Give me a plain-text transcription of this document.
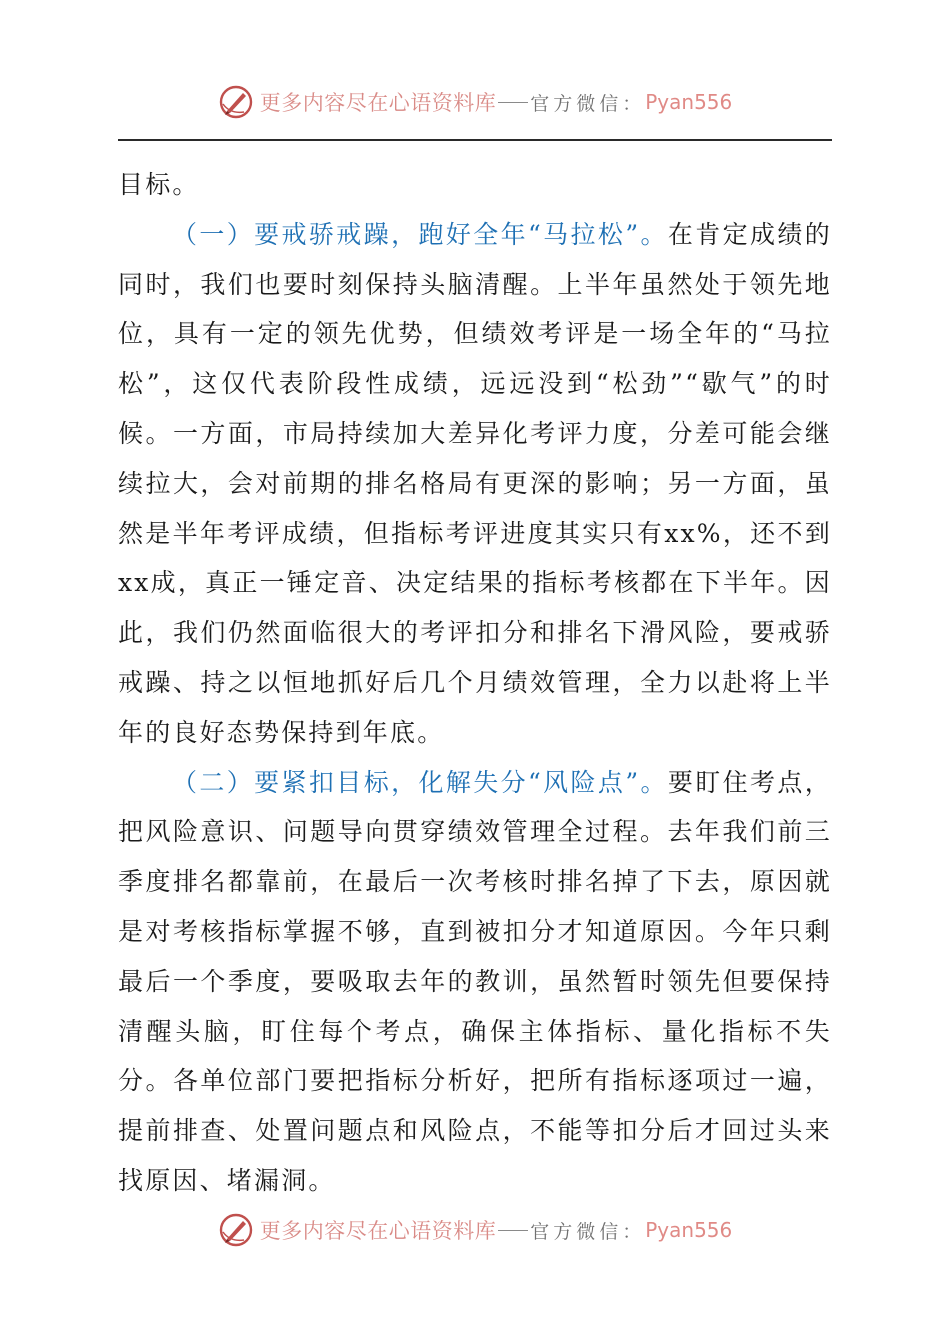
更多内容尽在心语资料库 官方微信： Pyan556

目标。

（一）要戒骄戒躁，跑好全年“马拉松”。在肯定成绩的同时，我们也要时刻保持头脑清醒。上半年虽然处于领先地位，具有一定的领先优势，但绩效考评是一场全年的“马拉松”，这仅代表阶段性成绩，远远没到“松劲”“歇气”的时候。一方面，市局持续加大差异化考评力度，分差可能会继续拉大，会对前期的排名格局有更深的影响；另一方面，虽然是半年考评成绩，但指标考评进度其实只有xx%，还不到xx成，真正一锤定音、决定结果的指标考核都在下半年。因此，我们仍然面临很大的考评扣分和排名下滑风险，要戒骄戒躁、持之以恒地抓好后几个月绩效管理，全力以赴将上半年的良好态势保持到年底。

（二）要紧扣目标，化解失分“风险点”。要盯住考点，把风险意识、问题导向贯穿绩效管理全过程。去年我们前三季度排名都靠前，在最后一次考核时排名掉了下去，原因就是对考核指标掌握不够，直到被扣分才知道原因。今年只剩最后一个季度，要吸取去年的教训，虽然暂时领先但要保持清醒头脑，盯住每个考点，确保主体指标、量化指标不失分。各单位部门要把指标分析好，把所有指标逐项过一遍，提前排查、处置问题点和风险点，不能等扣分后才回过头来找原因、堵漏洞。

更多内容尽在心语资料库 官方微信： Pyan556
